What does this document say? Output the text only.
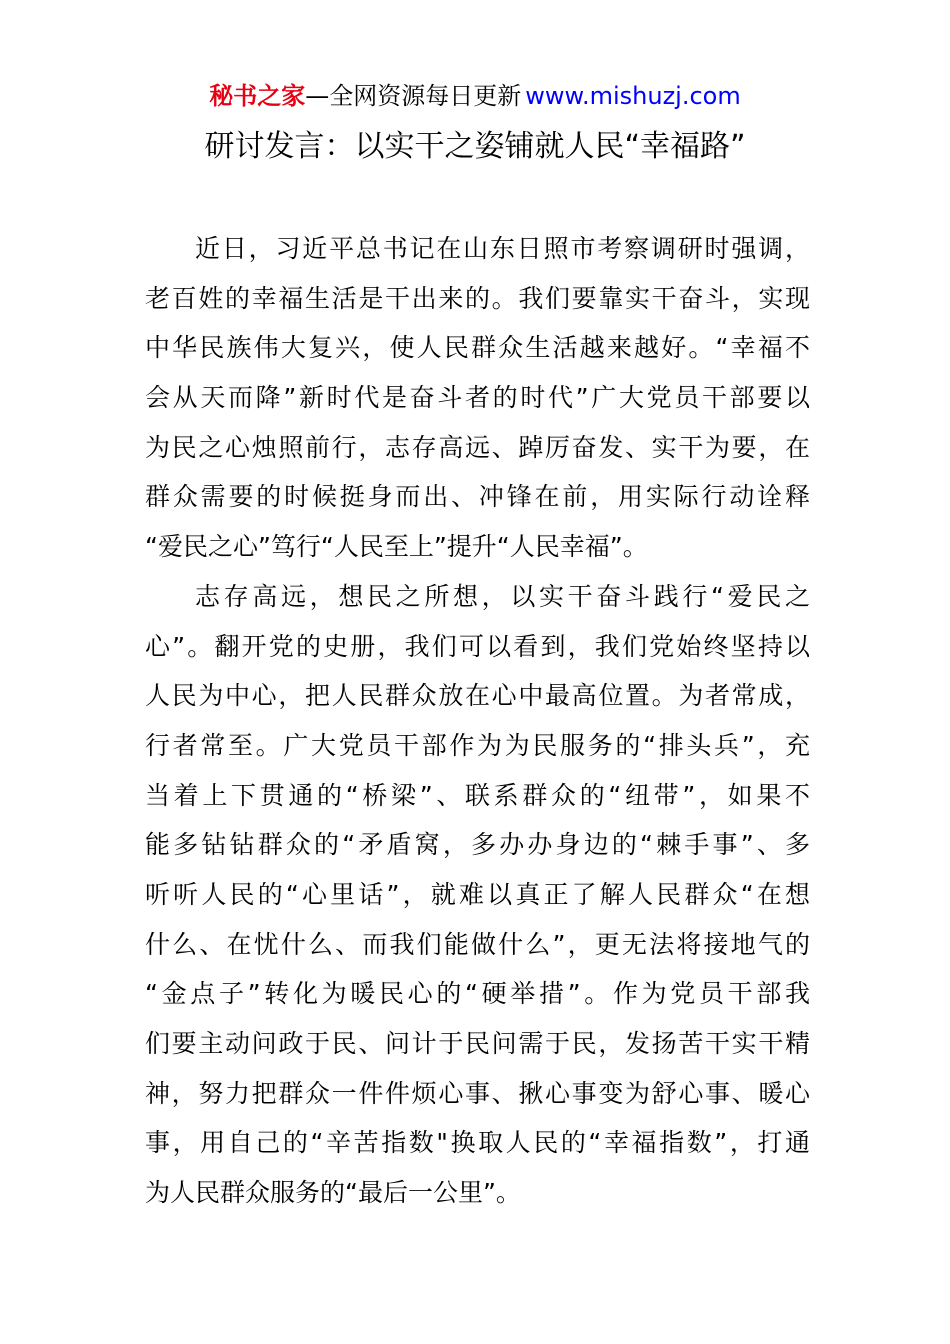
秘书之家—全网资源每日更新 www.mishuzj.com
研讨发言：以实干之姿铺就人民“幸福路”
近日，习近平总书记在山东日照市考察调研时强调，
老百姓的幸福生活是干出来的。我们要靠实干奋斗，实现
中华民族伟大复兴，使人民群众生活越来越好。“幸福不
会从天而降”新时代是奋斗者的时代”广大党员干部要以
为民之心烛照前行，志存高远、踔厉奋发、实干为要，在
群众需要的时候挺身而出、冲锋在前，用实际行动诠释
“爱民之心”笃行“人民至上”提升“人民幸福”。
志存高远，想民之所想，以实干奋斗践行“爱民之
心”。翻开党的史册，我们可以看到，我们党始终坚持以
人民为中心，把人民群众放在心中最高位置。为者常成，
行者常至。广大党员干部作为为民服务的“排头兵”，充
当着上下贯通的“桥梁”、联系群众的“纽带”，如果不
能多钻钻群众的“矛盾窝，多办办身边的“棘手事”、多
听听人民的“心里话”，就难以真正了解人民群众“在想
什么、在忧什么、而我们能做什么”，更无法将接地气的
“金点子”转化为暖民心的“硬举措”。作为党员干部我
们要主动问政于民、问计于民问需于民，发扬苦干实干精
神，努力把群众一件件烦心事、揪心事变为舒心事、暖心
事，用自己的“辛苦指数"换取人民的“幸福指数”，打通
为人民群众服务的“最后一公里”。
